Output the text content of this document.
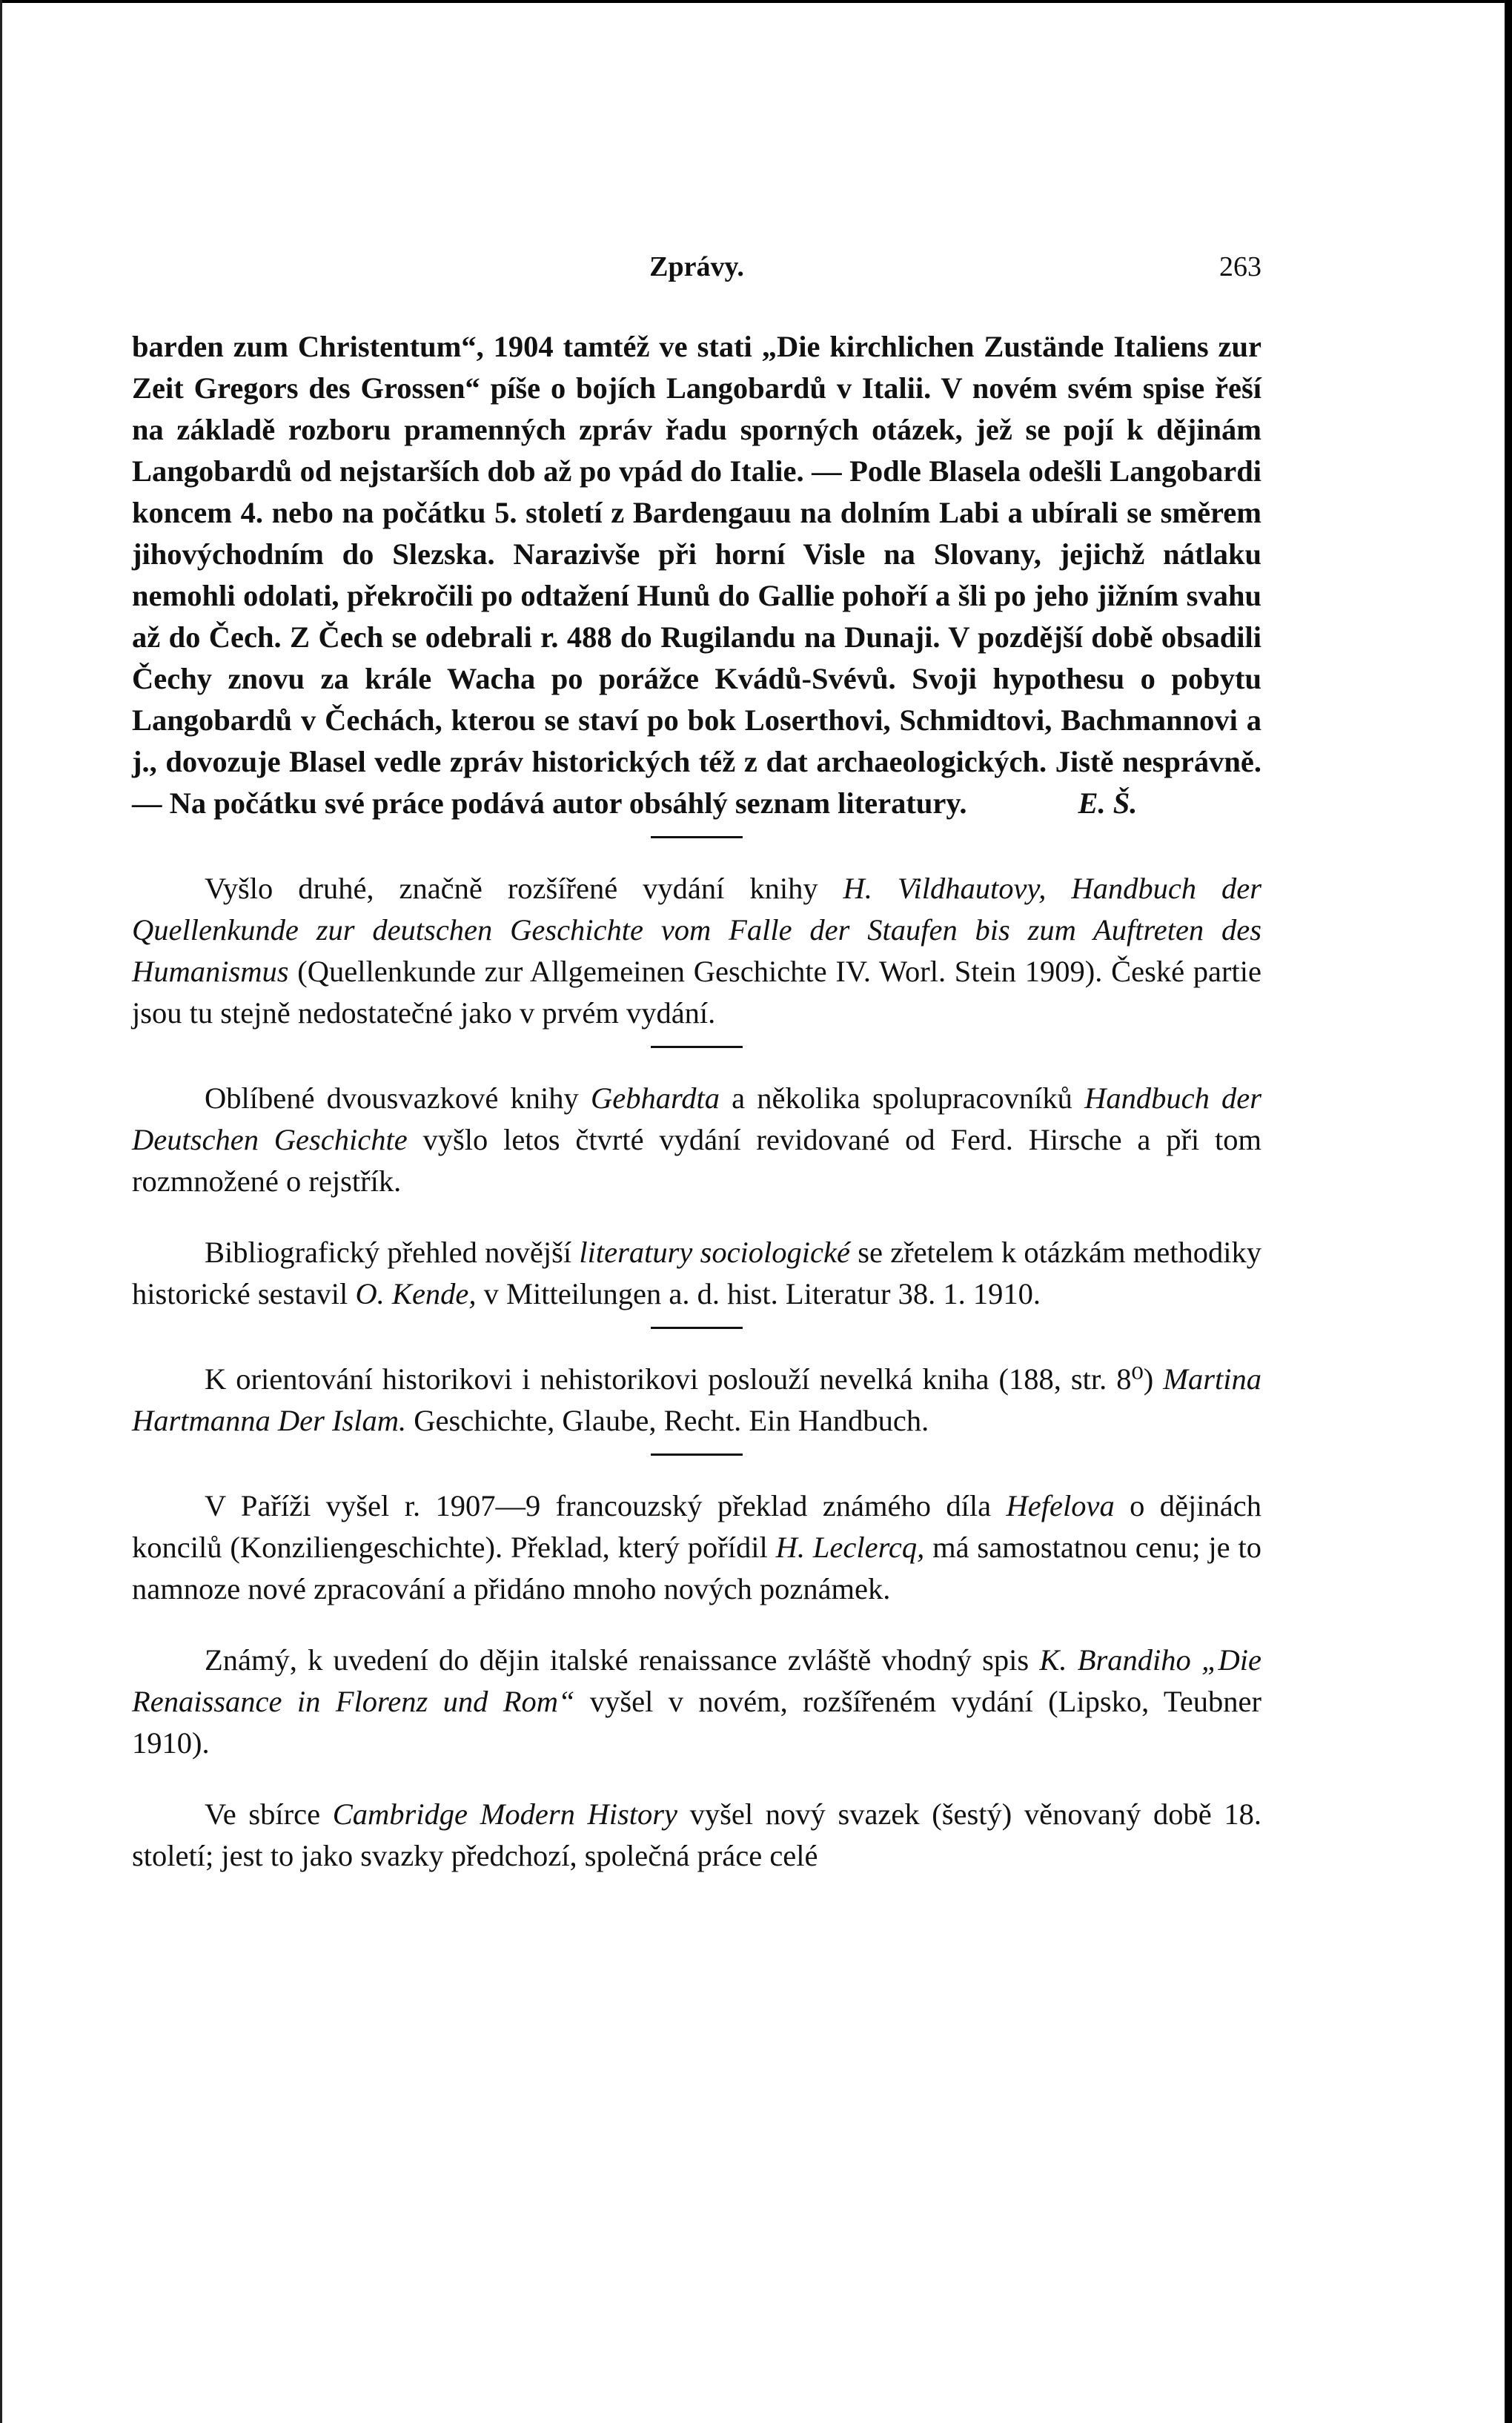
Zprávy.	263

barden zum Christentum“, 1904 tamtéž ve stati „Die kirchlichen Zustände Italiens zur Zeit Gregors des Grossen“ píše o bojích Langobardů v Italii. V novém svém spise řeší na základě rozboru pramenných zpráv řadu sporných otázek, jež se pojí k dějinám Langobardů od nejstarších dob až po vpád do Italie. — Podle Blasela odešli Langobardi koncem 4. nebo na počátku 5. století z Bardengauu na dolním Labi a ubírali se směrem jihovýchodním do Slezska. Narazivše při horní Visle na Slovany, jejichž nátlaku nemohli odolati, překročili po odtažení Hunů do Gallie pohoří a šli po jeho jižním svahu až do Čech. Z Čech se odebrali r. 488 do Rugilandu na Dunaji. V pozdější době obsadili Čechy znovu za krále Wacha po porážce Kvádů-Svévů. Svoji hypothesu o pobytu Langobardů v Čechách, kterou se staví po bok Loserthovi, Schmidtovi, Bachmannovi a j., dovozuje Blasel vedle zpráv historických též z dat archaeologických. Jistě nesprávně. — Na počátku své práce podává autor obsáhlý seznam literatury.	E. Š.

Vyšlo druhé, značně rozšířené vydání knihy H. Vildhautovy, Handbuch der Quellenkunde zur deutschen Geschichte vom Falle der Staufen bis zum Auftreten des Humanismus (Quellenkunde zur Allgemeinen Geschichte IV. Worl. Stein 1909). České partie jsou tu stejně nedostatečné jako v prvém vydání.

Oblíbené dvousvazkové knihy Gebhardta a několika spolupracovníků Handbuch der Deutschen Geschichte vyšlo letos čtvrté vydání revidované od Ferd. Hirsche a při tom rozmnožené o rejstřík.

Bibliografický přehled novější literatury sociologické se zřetelem k otázkám methodiky historické sestavil O. Kende, v Mitteilungen a. d. hist. Literatur 38. 1. 1910.

K orientování historikovi i nehistorikovi poslouží nevelká kniha (188, str. 8⁰) Martina Hartmanna Der Islam. Geschichte, Glaube, Recht. Ein Handbuch.

V Paříži vyšel r. 1907—9 francouzský překlad známého díla Hefelova o dějinách koncilů (Konziliengeschichte). Překlad, který pořídil H. Leclercq, má samostatnou cenu; je to namnoze nové zpracování a přidáno mnoho nových poznámek.

Známý, k uvedení do dějin italské renaissance zvláště vhodný spis K. Brandiho „Die Renaissance in Florenz und Rom“ vyšel v novém, rozšířeném vydání (Lipsko, Teubner 1910).

Ve sbírce Cambridge Modern History vyšel nový svazek (šestý) věnovaný době 18. století; jest to jako svazky předchozí, společná práce celé
